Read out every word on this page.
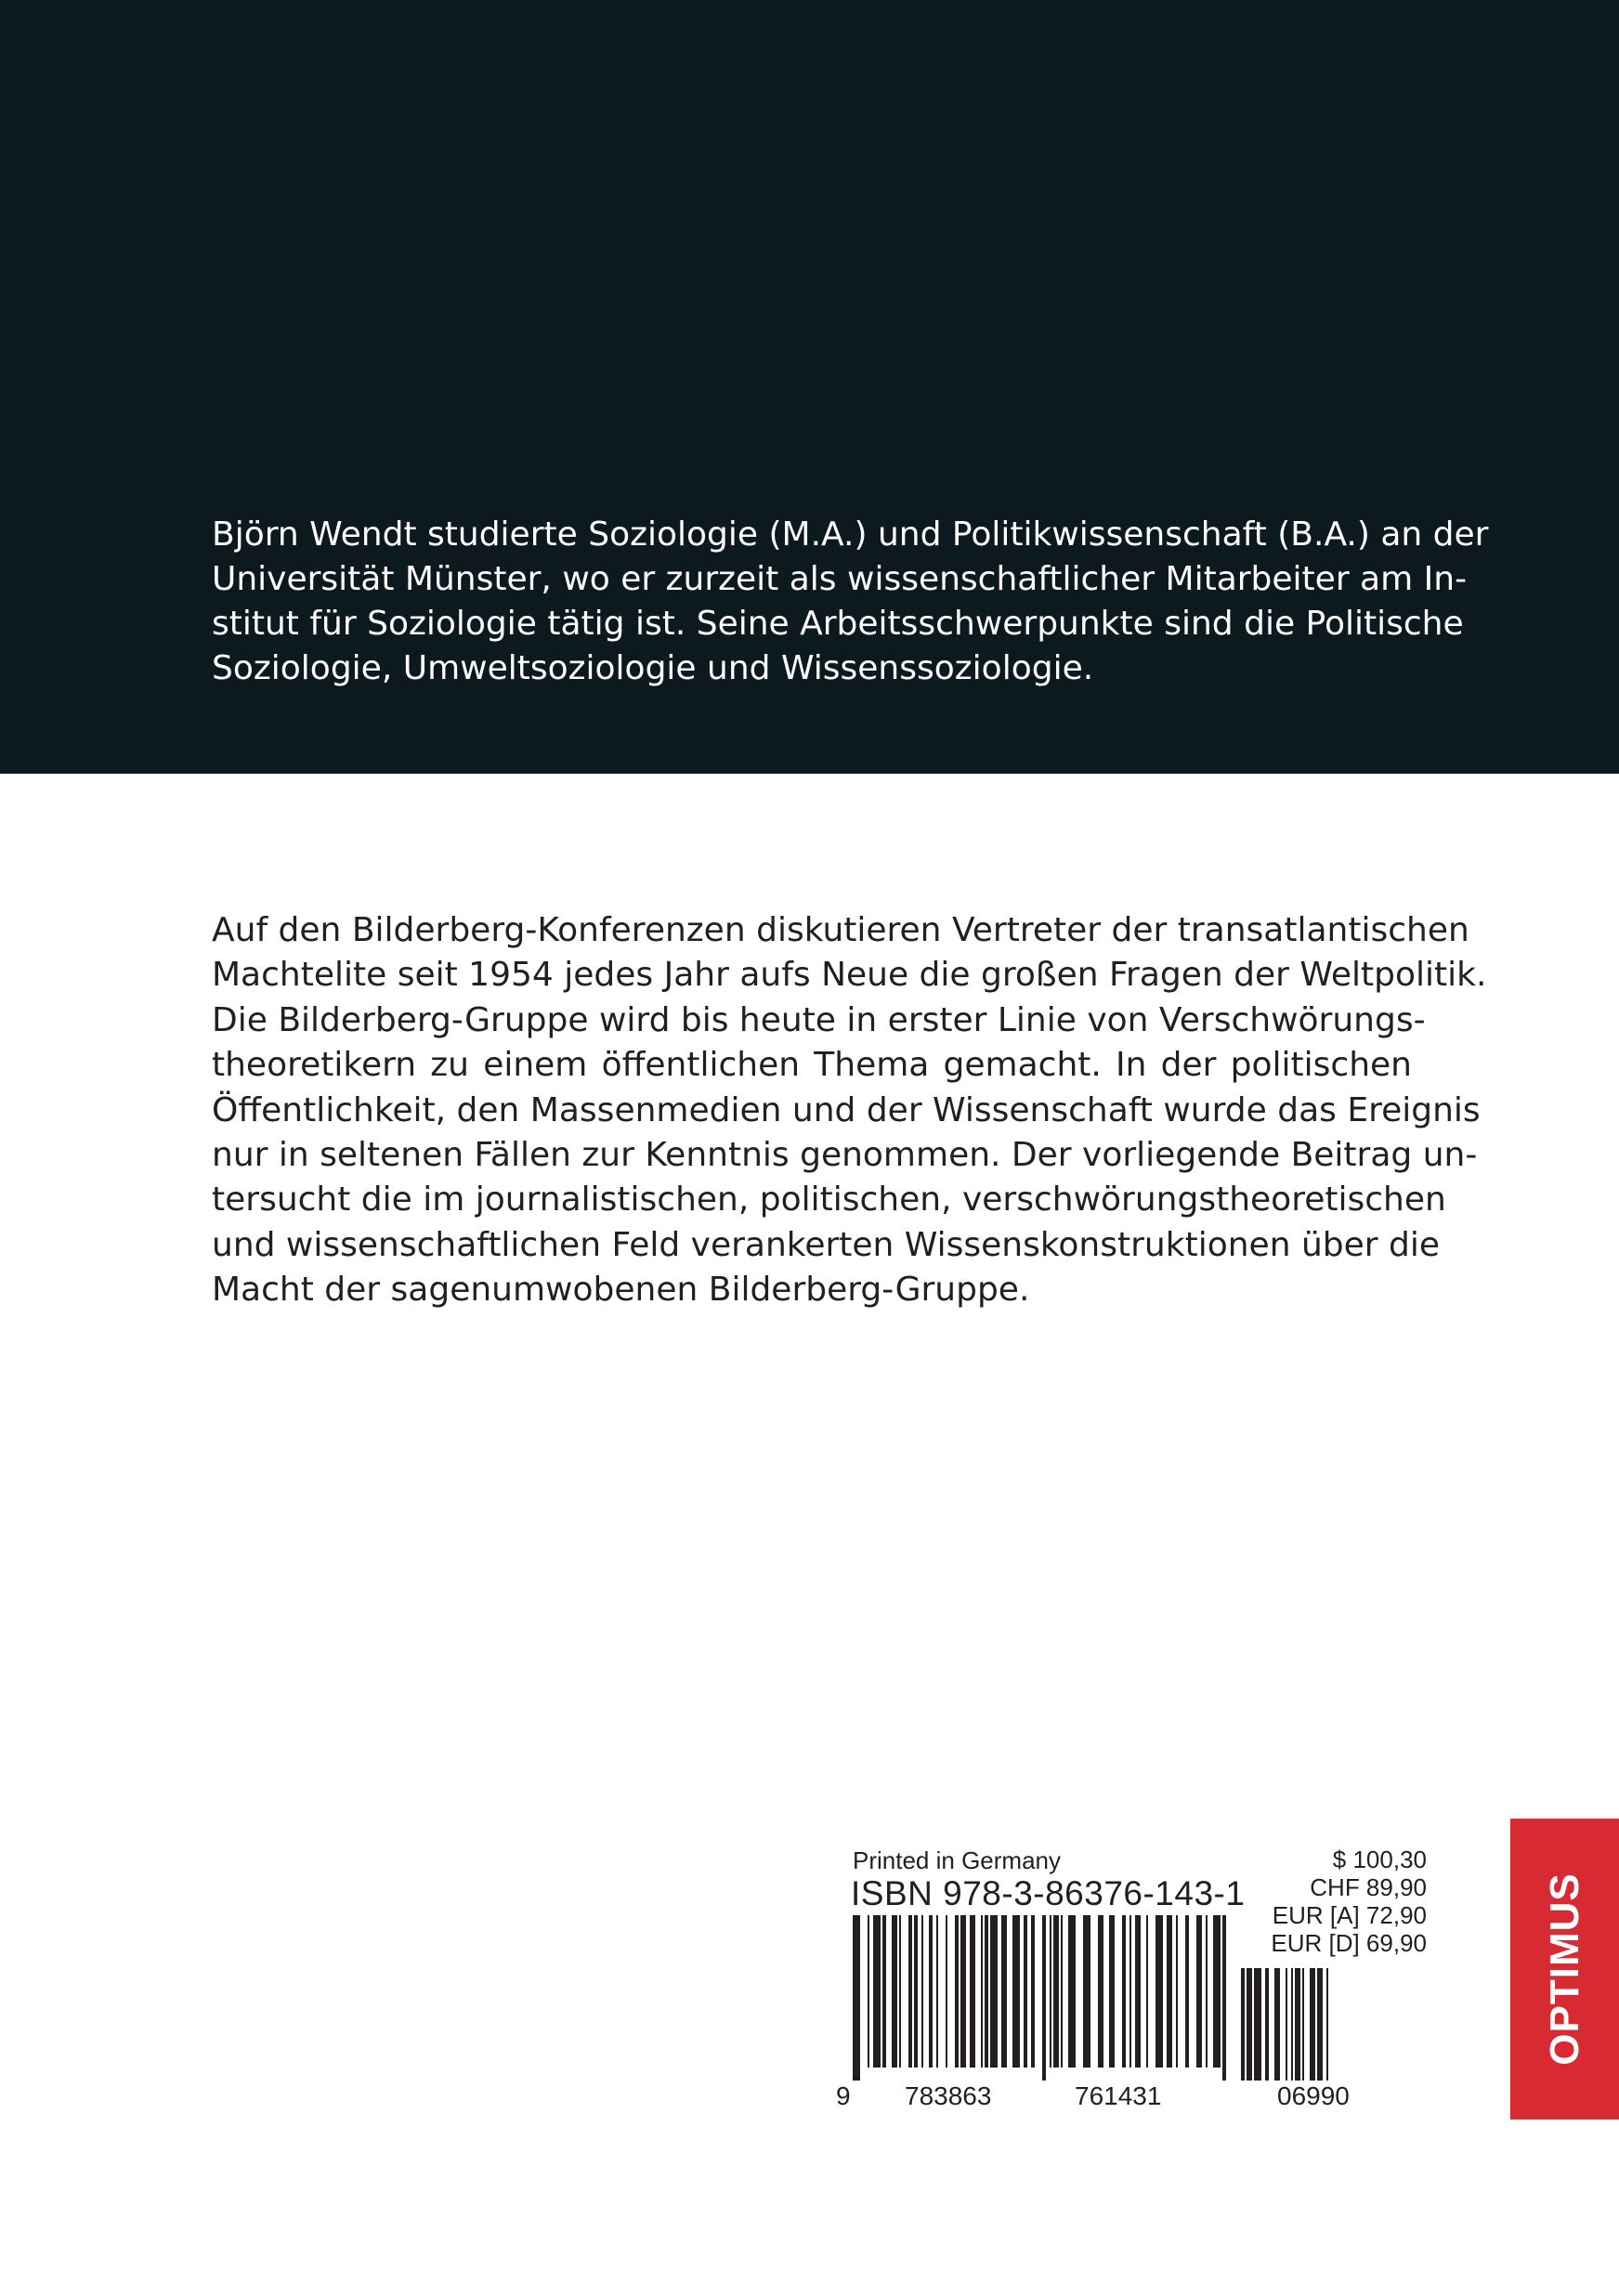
Björn Wendt studierte Soziologie (M.A.) und Politikwissenschaft (B.A.) an der
Universität Münster, wo er zurzeit als wissenschaftlicher Mitarbeiter am In-
stitut für Soziologie tätig ist. Seine Arbeitsschwerpunkte sind die Politische
Soziologie, Umweltsoziologie und Wissenssoziologie.

Auf den Bilderberg-Konferenzen diskutieren Vertreter der transatlantischen
Machtelite seit 1954 jedes Jahr aufs Neue die großen Fragen der Weltpolitik.
Die Bilderberg-Gruppe wird bis heute in erster Linie von Verschwörungs-
theoretikern zu einem öffentlichen Thema gemacht. In der politischen
Öffentlichkeit, den Massenmedien und der Wissenschaft wurde das Ereignis
nur in seltenen Fällen zur Kenntnis genommen. Der vorliegende Beitrag un-
tersucht die im journalistischen, politischen, verschwörungstheoretischen
und wissenschaftlichen Feld verankerten Wissenskonstruktionen über die
Macht der sagenumwobenen Bilderberg-Gruppe.

Printed in Germany
ISBN 978-3-86376-143-1
$ 100,30
CHF 89,90
EUR [A] 72,90
EUR [D] 69,90
9 783863	761431	06990
OPTIMUS
